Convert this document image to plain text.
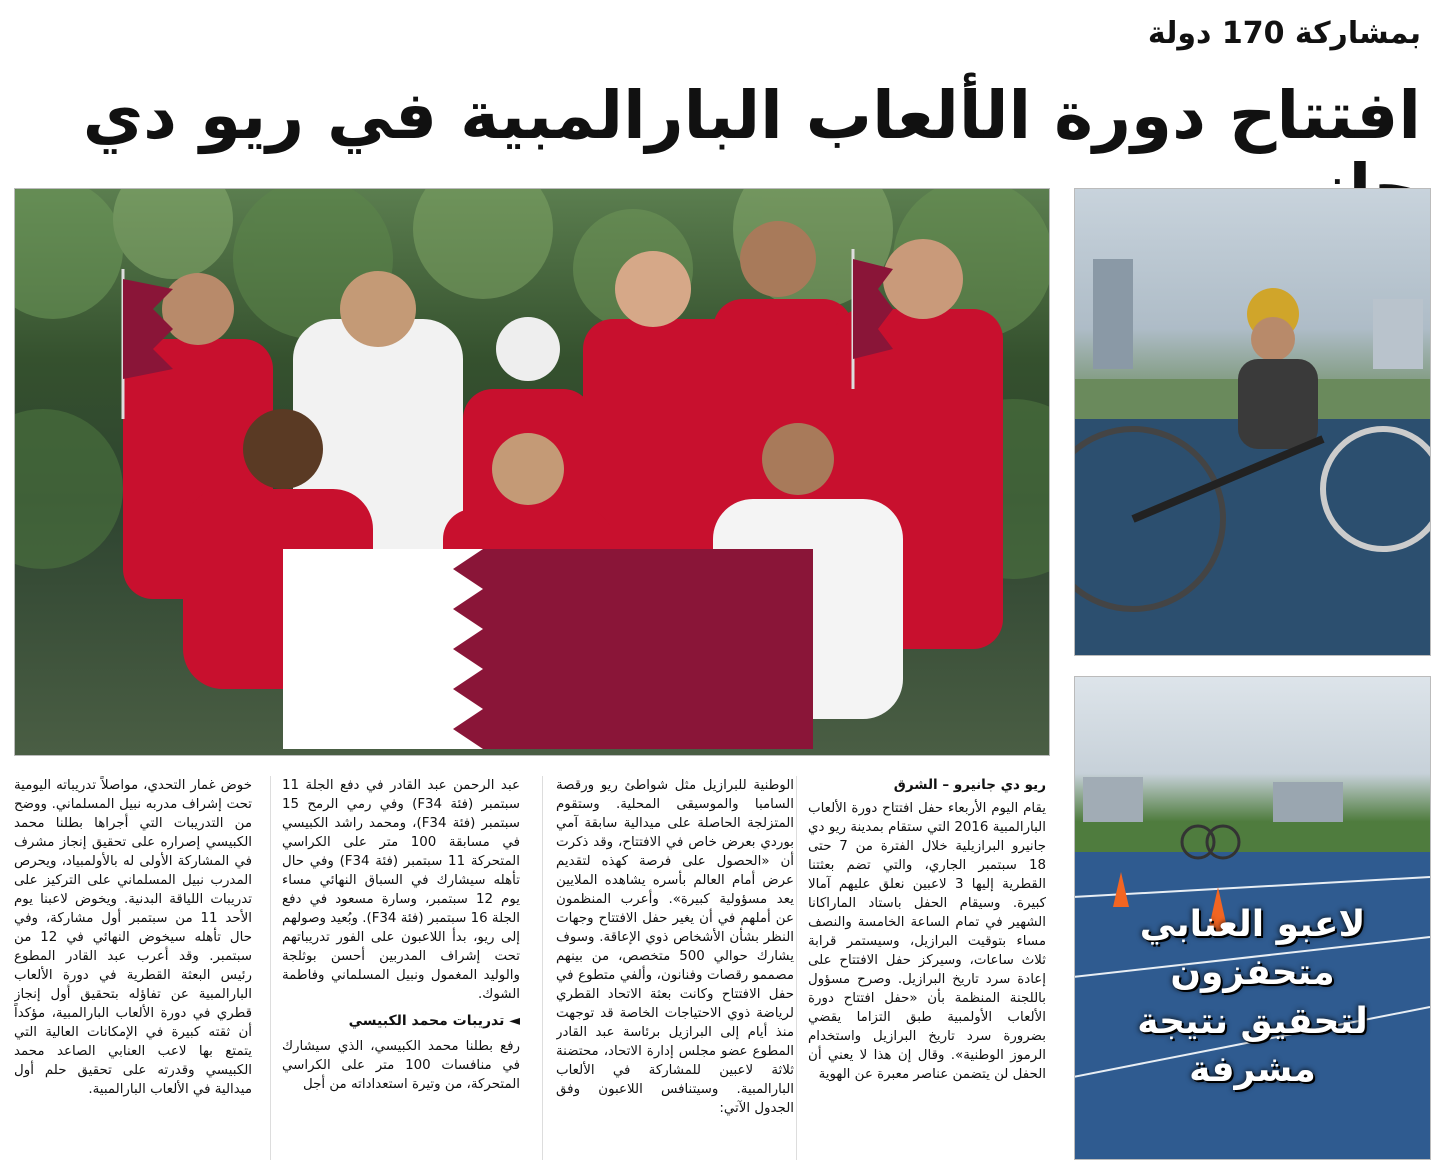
بمشاركة 170 دولة
افتتاح دورة الألعاب البارالمبية في ريو دي
لاعبو العنابي متحفزون
لتحقيق نتيجة مشرفة

ريو دي جانيرو – الشرق

يقام اليوم الأربعاء حفل افتتاح دورة الألعاب البارالمبية 2016 التي ستقام بمدينة ريو دي جانيرو البرازيلية خلال الفترة من 7 حتى 18 سبتمبر الجاري، والتي تضم بعثتنا القطرية إليها 3 لاعبين نعلق عليهم آمالا كبيرة. وسيقام الحفل باستاد الماراكانا الشهير في تمام الساعة الخامسة والنصف مساء بتوقيت البرازيل، وسيستمر قرابة ثلاث ساعات، وسيركز حفل الافتتاح على إعادة سرد تاريخ البرازيل. وصرح مسؤول باللجنة المنظمة بأن «حفل افتتاح دورة الألعاب الأولمبية طبق التزاما يقضي بضرورة سرد تاريخ البرازيل واستخدام الرموز الوطنية». وقال إن هذا لا يعني أن الحفل لن يتضمن عناصر معبرة عن الهوية

الوطنية للبرازيل مثل شواطئ ريو ورقصة السامبا والموسيقى المحلية. وستقوم المتزلجة الحاصلة على ميدالية سابقة آمي بوردي بعرض خاص في الافتتاح، وقد ذكرت أن «الحصول على فرصة كهذه لتقديم عرض أمام العالم بأسره يشاهده الملايين يعد مسؤولية كبيرة». وأعرب المنظمون عن أملهم في أن يغير حفل الافتتاح وجهات النظر بشأن الأشخاص ذوي الإعاقة. وسوف يشارك حوالي 500 متخصص، من بينهم مصممو رقصات وفنانون، وألفي متطوع في حفل الافتتاح وكانت بعثة الاتحاد القطري لرياضة ذوي الاحتياجات الخاصة قد توجهت منذ أيام إلى البرازيل برئاسة عبد القادر المطوع عضو مجلس إدارة الاتحاد، محتضنة ثلاثة لاعبين للمشاركة في الألعاب البارالمبية. وسيتنافس اللاعبون وفق الجدول الآتي:

عبد الرحمن عبد القادر في دفع الجلة 11 سبتمبر (فئة F34) وفي رمي الرمح 15 سبتمبر (فئة F34)، ومحمد راشد الكبيسي في مسابقة 100 متر على الكراسي المتحركة 11 سبتمبر (فئة F34) وفي حال تأهله سيشارك في السباق النهائي مساء يوم 12 سبتمبر، وسارة مسعود في دفع الجلة 16 سبتمبر (فئة F34). وبُعيد وصولهم إلى ريو، بدأ اللاعبون على الفور تدريباتهم تحت إشراف المدربين أحسن بوثلجة والوليد المغمول ونبيل المسلماني وفاطمة الشوك.

◄ تدريبات محمد الكبيسي

رفع بطلنا محمد الكبيسي، الذي سيشارك في منافسات 100 متر على الكراسي المتحركة، من وتيرة استعداداته من أجل

خوض غمار التحدي، مواصلاً تدريباته اليومية تحت إشراف مدربه نبيل المسلماني. ووضح من التدريبات التي أجراها بطلنا محمد الكبيسي إصراره على تحقيق إنجاز مشرف في المشاركة الأولى له بالأولمبياد، ويحرص المدرب نبيل المسلماني على التركيز على تدريبات اللياقة البدنية. ويخوض لاعبنا يوم الأحد 11 من سبتمبر أول مشاركة، وفي حال تأهله سيخوض النهائي في 12 من سبتمبر. وقد أعرب عبد القادر المطوع رئيس البعثة القطرية في دورة الألعاب البارالمبية عن تفاؤله بتحقيق أول إنجاز قطري في دورة الألعاب البارالمبية، مؤكداً أن ثقته كبيرة في الإمكانات العالية التي يتمتع بها لاعب العنابي الصاعد محمد الكبيسي وقدرته على تحقيق حلم أول ميدالية في الألعاب البارالمبية.
